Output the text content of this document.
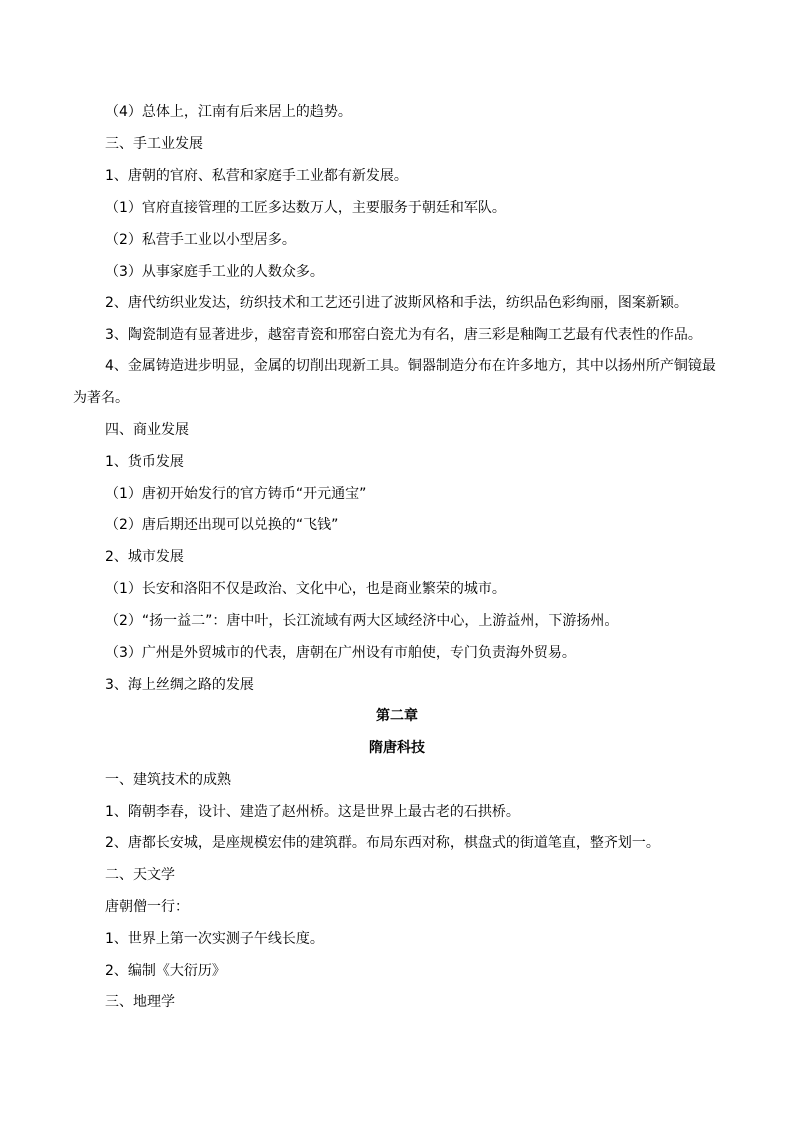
（4）总体上，江南有后来居上的趋势。
三、手工业发展
1、唐朝的官府、私营和家庭手工业都有新发展。
（1）官府直接管理的工匠多达数万人，主要服务于朝廷和军队。
（2）私营手工业以小型居多。
（3）从事家庭手工业的人数众多。
2、唐代纺织业发达，纺织技术和工艺还引进了波斯风格和手法，纺织品色彩绚丽，图案新颖。
3、陶瓷制造有显著进步，越窑青瓷和邢窑白瓷尤为有名，唐三彩是釉陶工艺最有代表性的作品。
4、金属铸造进步明显，金属的切削出现新工具。铜器制造分布在许多地方，其中以扬州所产铜镜最为著名。
四、商业发展
1、货币发展
（1）唐初开始发行的官方铸币“开元通宝”
（2）唐后期还出现可以兑换的“飞钱”
2、城市发展
（1）长安和洛阳不仅是政治、文化中心，也是商业繁荣的城市。
（2）“扬一益二”：唐中叶，长江流域有两大区域经济中心，上游益州，下游扬州。
（3）广州是外贸城市的代表，唐朝在广州设有市舶使，专门负责海外贸易。
3、海上丝绸之路的发展
第二章
隋唐科技
一、建筑技术的成熟
1、隋朝李春，设计、建造了赵州桥。这是世界上最古老的石拱桥。
2、唐都长安城，是座规模宏伟的建筑群。布局东西对称，棋盘式的街道笔直，整齐划一。
二、天文学
唐朝僧一行：
1、世界上第一次实测子午线长度。
2、编制《大衍历》
三、地理学
